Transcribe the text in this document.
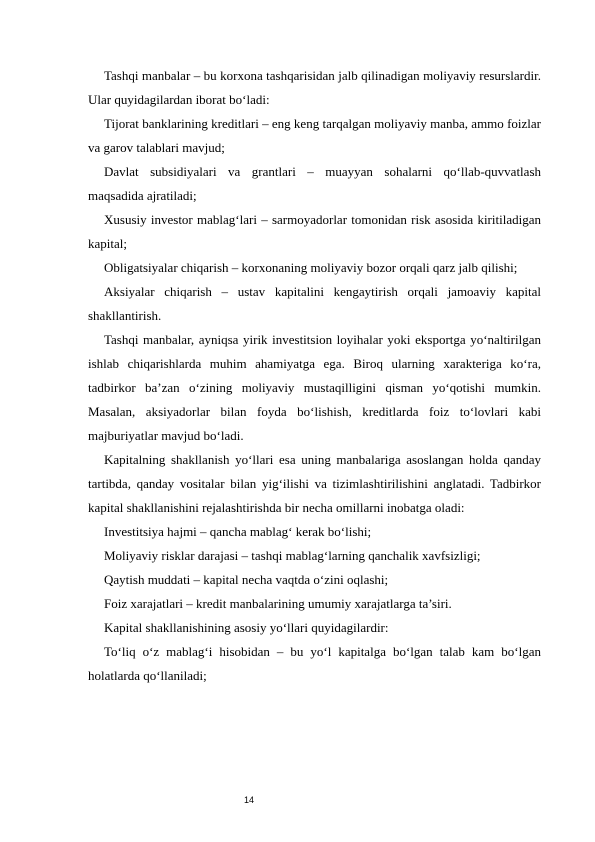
Tashqi manbalar – bu korxona tashqarisidan jalb qilinadigan moliyaviy resurslardir. Ular quyidagilardan iborat bo‘ladi:

Tijorat banklarining kreditlari – eng keng tarqalgan moliyaviy manba, ammo foizlar va garov talablari mavjud;

Davlat subsidiyalari va grantlari – muayyan sohalarni qo‘llab-quvvatlash maqsadida ajratiladi;

Xususiy investor mablag‘lari – sarmoyadorlar tomonidan risk asosida kiritiladigan kapital;

Obligatsiyalar chiqarish – korxonaning moliyaviy bozor orqali qarz jalb qilishi;

Aksiyalar chiqarish – ustav kapitalini kengaytirish orqali jamoaviy kapital shakllantirish.

Tashqi manbalar, ayniqsa yirik investitsion loyihalar yoki eksportga yo‘naltirilgan ishlab chiqarishlarda muhim ahamiyatga ega. Biroq ularning xarakteriga ko‘ra, tadbirkor ba’zan o‘zining moliyaviy mustaqilligini qisman yo‘qotishi mumkin. Masalan, aksiyadorlar bilan foyda bo‘lishish, kreditlarda foiz to‘lovlari kabi majburiyatlar mavjud bo‘ladi.

Kapitalning shakllanish yo‘llari esa uning manbalariga asoslangan holda qanday tartibda, qanday vositalar bilan yig‘ilishi va tizimlashtirilishini anglatadi. Tadbirkor kapital shakllanishini rejalashtirishda bir necha omillarni inobatga oladi:

Investitsiya hajmi – qancha mablag‘ kerak bo‘lishi;

Moliyaviy risklar darajasi – tashqi mablag‘larning qanchalik xavfsizligi;

Qaytish muddati – kapital necha vaqtda o‘zini oqlashi;

Foiz xarajatlari – kredit manbalarining umumiy xarajatlarga ta’siri.

Kapital shakllanishining asosiy yo‘llari quyidagilardir:

To‘liq o‘z mablag‘i hisobidan – bu yo‘l kapitalga bo‘lgan talab kam bo‘lgan holatlarda qo‘llaniladi;

14
